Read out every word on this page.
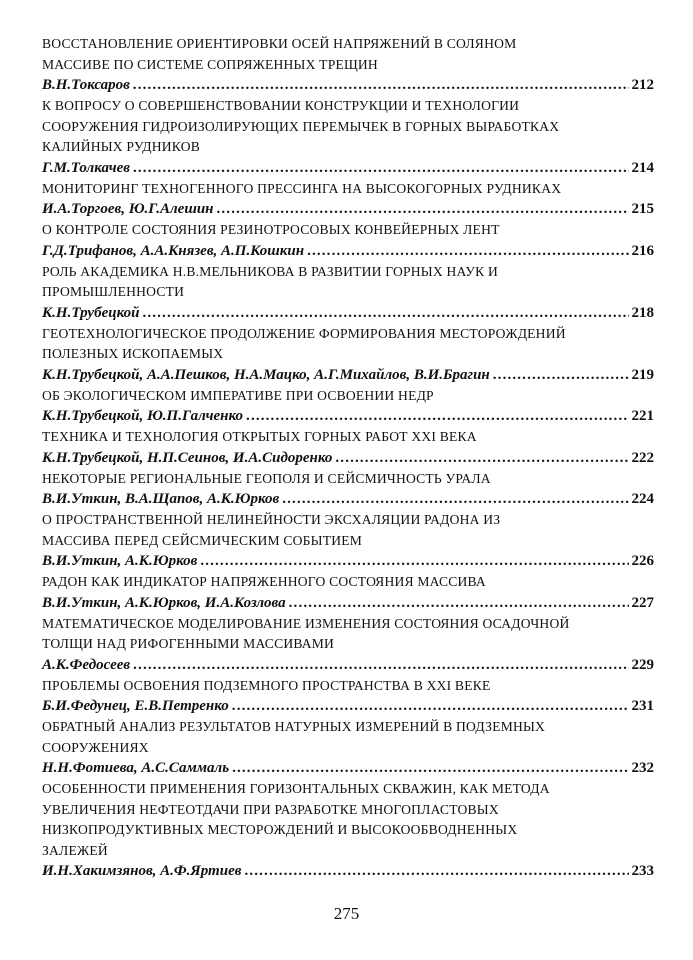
ВОССТАНОВЛЕНИЕ ОРИЕНТИРОВКИ ОСЕЙ НАПРЯЖЕНИЙ В СОЛЯНОМ
МАССИВЕ ПО СИСТЕМЕ СОПРЯЖЕННЫХ ТРЕЩИН
В.Н.Токсаров . . .	212
К ВОПРОСУ О СОВЕРШЕНСТВОВАНИИ КОНСТРУКЦИИ И ТЕХНОЛОГИИ
СООРУЖЕНИЯ ГИДРОИЗОЛИРУЮЩИХ ПЕРЕМЫЧЕК В ГОРНЫХ ВЫРАБОТКАХ
КАЛИЙНЫХ РУДНИКОВ
Г.М.Толкачев . . .	214
МОНИТОРИНГ ТЕХНОГЕННОГО ПРЕССИНГА НА ВЫСОКОГОРНЫХ РУДНИКАХ
И.А.Торгоев, Ю.Г.Алешин . . .	215
О КОНТРОЛЕ СОСТОЯНИЯ РЕЗИНОТРОСОВЫХ КОНВЕЙЕРНЫХ ЛЕНТ
Г.Д.Трифанов, А.А.Князев, А.П.Кошкин . . .	216
РОЛЬ АКАДЕМИКА Н.В.МЕЛЬНИКОВА В РАЗВИТИИ ГОРНЫХ НАУК И
ПРОМЫШЛЕННОСТИ
К.Н.Трубецкой . . .	218
ГЕОТЕХНОЛОГИЧЕСКОЕ ПРОДОЛЖЕНИЕ ФОРМИРОВАНИЯ МЕСТОРОЖДЕНИЙ
ПОЛЕЗНЫХ ИСКОПАЕМЫХ
К.Н.Трубецкой, А.А.Пешков, Н.А.Мацко, А.Г.Михайлов, В.И.Брагин . . .	219
ОБ ЭКОЛОГИЧЕСКОМ ИМПЕРАТИВЕ ПРИ ОСВОЕНИИ НЕДР
К.Н.Трубецкой, Ю.П.Галченко . . .	221
ТЕХНИКА И ТЕХНОЛОГИЯ ОТКРЫТЫХ ГОРНЫХ РАБОТ XXI ВЕКА
К.Н.Трубецкой, Н.П.Сеинов, И.А.Сидоренко . . .	222
НЕКОТОРЫЕ РЕГИОНАЛЬНЫЕ ГЕОПОЛЯ И СЕЙСМИЧНОСТЬ УРАЛА
В.И.Уткин, В.А.Щапов, А.К.Юрков . . .	224
О ПРОСТРАНСТВЕННОЙ НЕЛИНЕЙНОСТИ ЭКСХАЛЯЦИИ РАДОНА ИЗ
МАССИВА ПЕРЕД СЕЙСМИЧЕСКИМ СОБЫТИЕМ
В.И.Уткин, А.К.Юрков . . .	226
РАДОН КАК ИНДИКАТОР НАПРЯЖЕННОГО СОСТОЯНИЯ МАССИВА
В.И.Уткин, А.К.Юрков, И.А.Козлова . . .	227
МАТЕМАТИЧЕСКОЕ МОДЕЛИРОВАНИЕ ИЗМЕНЕНИЯ СОСТОЯНИЯ ОСАДОЧНОЙ
ТОЛЩИ НАД РИФОГЕННЫМИ МАССИВАМИ
А.К.Федосеев . . .	229
ПРОБЛЕМЫ ОСВОЕНИЯ ПОДЗЕМНОГО ПРОСТРАНСТВА В XXI ВЕКЕ
Б.И.Федунец, Е.В.Петренко . . .	231
ОБРАТНЫЙ АНАЛИЗ РЕЗУЛЬТАТОВ НАТУРНЫХ ИЗМЕРЕНИЙ В ПОДЗЕМНЫХ
СООРУЖЕНИЯХ
Н.Н.Фотиева, А.С.Саммаль . . .	232
ОСОБЕННОСТИ ПРИМЕНЕНИЯ ГОРИЗОНТАЛЬНЫХ СКВАЖИН, КАК МЕТОДА
УВЕЛИЧЕНИЯ НЕФТЕОТДАЧИ ПРИ РАЗРАБОТКЕ МНОГОПЛАСТОВЫХ
НИЗКОПРОДУКТИВНЫХ МЕСТОРОЖДЕНИЙ И ВЫСОКООБВОДНЕННЫХ
ЗАЛЕЖЕЙ
И.Н.Хакимзянов, А.Ф.Яртиев . . .	233
275
